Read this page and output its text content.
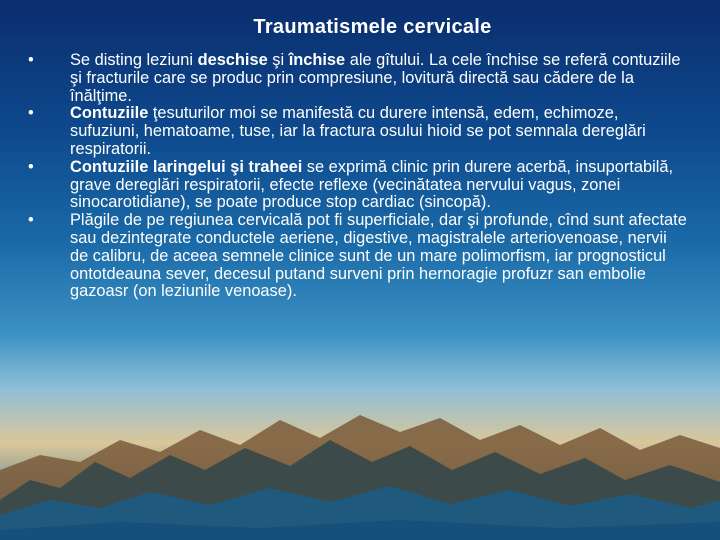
Traumatismele cervicale
•	Se disting leziuni deschise şi închise ale gîtului. La cele închise se referă contuziile şi fracturile care se produc prin compresiune, lovitură directă sau cădere de la înălţime.
•	Contuziile ţesuturilor moi se manifestă cu durere intensă, edem, echimoze, sufuziuni, hematoame, tuse, iar la fractura osului hioid se pot semnala dereglări respiratorii.
•	Contuziile laringelui şi traheei se exprimă clinic prin durere acerbă, insuportabilă, grave dereglări respiratorii, efecte reflexe (vecinătatea nervului vagus, zonei sinocarotidiane), se poate produce stop cardiac (sincopă).
•	Plăgile de pe regiunea cervicală pot fi superficiale, dar şi profunde, cînd sunt afectate sau dezintegrate conductele aeriene, digestive, magistralele arteriovenoase, nervii de calibru, de aceea semnele clinice sunt de un mare polimorfism, iar prognosticul ontotdeauna sever, decesul putand surveni prin hernoragie profuzr san embolie gazoasr (on leziunile venoase).
